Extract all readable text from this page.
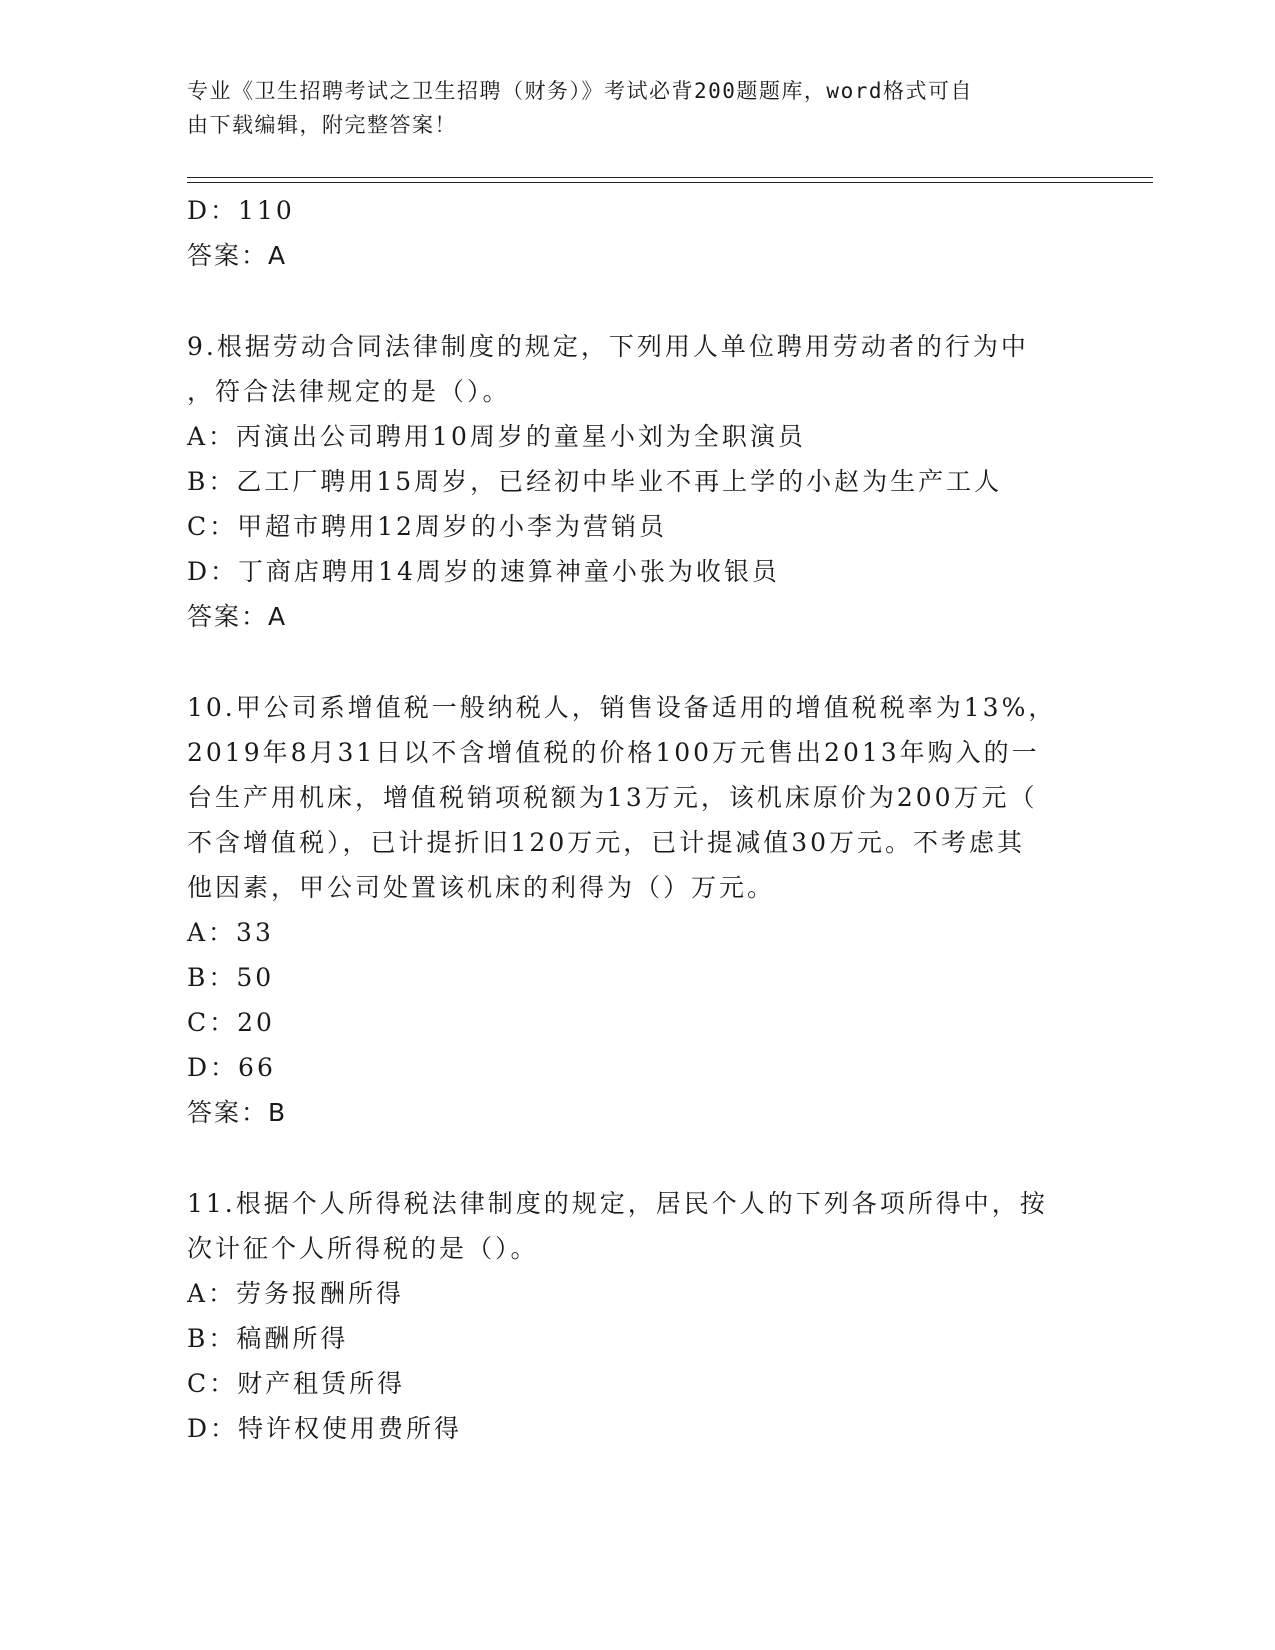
专业《卫生招聘考试之卫生招聘（财务）》考试必背200题题库，word格式可自
由下载编辑，附完整答案！
D：110
答案：A
9.根据劳动合同法律制度的规定，下列用人单位聘用劳动者的行为中
，符合法律规定的是（）。
A：丙演出公司聘用10周岁的童星小刘为全职演员
B：乙工厂聘用15周岁，已经初中毕业不再上学的小赵为生产工人
C：甲超市聘用12周岁的小李为营销员
D：丁商店聘用14周岁的速算神童小张为收银员
答案：A
10.甲公司系增值税一般纳税人，销售设备适用的增值税税率为13%，
2019年8月31日以不含增值税的价格100万元售出2013年购入的一
台生产用机床，增值税销项税额为13万元，该机床原价为200万元（
不含增值税），已计提折旧120万元，已计提减值30万元。不考虑其
他因素，甲公司处置该机床的利得为（）万元。
A：33
B：50
C：20
D：66
答案：B
11.根据个人所得税法律制度的规定，居民个人的下列各项所得中，按
次计征个人所得税的是（）。
A：劳务报酬所得
B：稿酬所得
C：财产租赁所得
D：特许权使用费所得
